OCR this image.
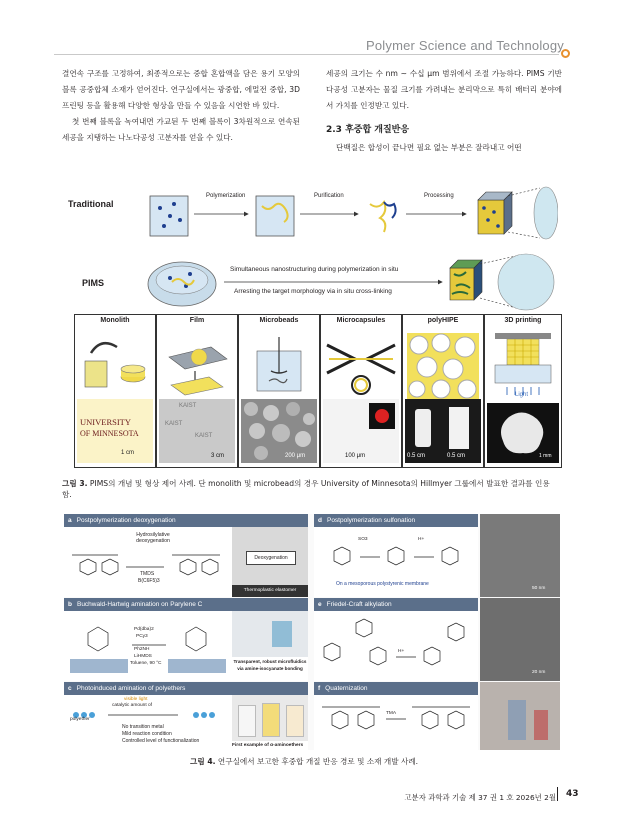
Polymer Science and Technology

결연속 구조를 고정하여, 최종적으로는 중합 혼합액을 담은 용기 모양의 블록 공중합체 소재가 얻어진다. 연구실에서는 광중합, 에멀전 중합, 3D 프린팅 등을 활용해 다양한 형상을 만들 수 있음을 시연한 바 있다.

첫 번째 블록을 녹여내면 가교된 두 번째 블록이 3차원적으로 연속된 세공을 지탱하는 나노다공성 고분자를 얻을 수 있다.

세공의 크기는 수 nm ~ 수십 μm 범위에서 조절 가능하다. PIMS 기반 다공성 고분자는 물질 크기를 가려내는 분리막으로 특히 배터리 분야에서 가치를 인정받고 있다.

2.3 후중합 개질반응

단백질은 합성이 끝나면 필요 없는 부분은 잘라내고 어떤

Traditional
Polymerization	Purification	Processing
PIMS
Simultaneous nanostructuring during polymerization in situ
Arresting the target morphology via in situ cross-linking
Monolith
UNIVERSITY
OF MINNESOTA
1 cm
Film
KAIST
KAIST
KAIST
3 cm
Microbeads
200 μm
Microcapsules
100 μm
polyHIPE
0.5 cm	0.5 cm
3D printing
Light
1 mm
그림 3. PIMS의 개념 및 형상 제어 사례. 단 monolith 및 microbead의 경우 University of Minnesota의 Hillmyer 그룹에서 발표한 결과를 인용함.
a Postpolymerization deoxygenation
Hydrosilylative deoxygenation
TMDS
B(C6F5)3
Deoxygenation
Thermoplastic elastomer
b Buchwald-Hartwig amination on Parylene C
Pd(dba)2
PCy3
Ph2NH
LiHMDS
Toluene, 90 °C	Transparent, robust microfluidics
via amine-isocyanate bonding
c Photoinduced amination of polyethers
visible light
catalytic amount of
polyether
No transition metal
Mild reaction condition
Controlled level of functionalization
First example of α-aminoethers
d Postpolymerization sulfonation
SO3	H+
On a mesoporous polystyrenic membrane
50 nm
e Friedel-Craft alkylation
H+
20 nm
f Quaternization
TMA
그림 4. 연구실에서 보고한 후중합 개질 반응 경로 및 소재 개발 사례.
고분자 과학과 기술 제 37 권 1 호 2026년 2월 43
